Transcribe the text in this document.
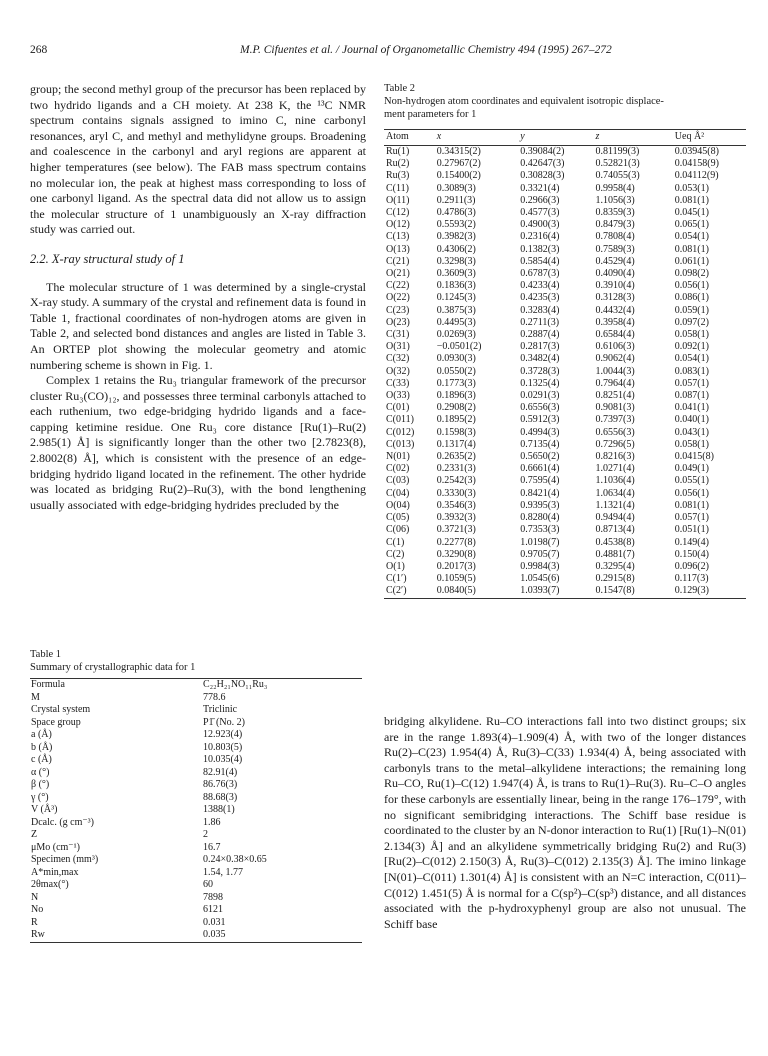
268	M.P. Cifuentes et al. / Journal of Organometallic Chemistry 494 (1995) 267–272

group; the second methyl group of the precursor has been replaced by two hydrido ligands and a CH moiety. At 238 K, the ¹³C NMR spectrum contains signals assigned to imino C, nine carbonyl resonances, aryl C, and methyl and methylidyne groups. Broadening and coalescence in the carbonyl and aryl regions are apparent at higher temperatures (see below). The FAB mass spectrum contains no molecular ion, the peak at highest mass corresponding to loss of one carbonyl ligand. As the spectral data did not allow us to assign the molecular structure of 1 unambiguously an X-ray diffraction study was carried out.

2.2. X-ray structural study of 1

The molecular structure of 1 was determined by a single-crystal X-ray study. A summary of the crystal and refinement data is found in Table 1, fractional coordinates of non-hydrogen atoms are given in Table 2, and selected bond distances and angles are listed in Table 3. An ORTEP plot showing the molecular geometry and atomic numbering scheme is shown in Fig. 1.

Complex 1 retains the Ru₃ triangular framework of the precursor cluster Ru₃(CO)₁₂, and possesses three terminal carbonyls attached to each ruthenium, two edge-bridging hydrido ligands and a face-capping ketimine residue. One Ru₃ core distance [Ru(1)–Ru(2) 2.985(1) Å] is significantly longer than the other two [2.7823(8), 2.8002(8) Å], which is consistent with the presence of an edge-bridging hydrido ligand located in the refinement. The other hydride was located as bridging Ru(2)–Ru(3), with the bond lengthening usually associated with edge-bridging hydrides precluded by the

Table 1
Summary of crystallographic data for 1
Formula	C₂₂H₂₁NO₁₁Ru₃
M	778.6
Crystal system	Triclinic
Space group	P1̄ (No. 2)
a (Å)	12.923(4)
b (Å)	10.803(5)
c (Å)	10.035(4)
α (°)	82.91(4)
β (°)	86.76(3)
γ (°)	88.68(3)
V (Å³)	1388(1)
Dcalc. (g cm⁻³)	1.86
Z	2
μMo (cm⁻¹)	16.7
Specimen (mm³)	0.24×0.38×0.65
A*min,max	1.54, 1.77
2θmax(°)	60
N	7898
No	6121
R	0.031
Rw	0.035
Table 2
Non-hydrogen atom coordinates and equivalent isotropic displace-
ment parameters for 1
Atom	x	y	z	Ueq Å²
Ru(1)	0.34315(2)	0.39084(2)	0.81199(3)	0.03945(8)
Ru(2)	0.27967(2)	0.42647(3)	0.52821(3)	0.04158(9)
Ru(3)	0.15400(2)	0.30828(3)	0.74055(3)	0.04112(9)
C(11)	0.3089(3)	0.3321(4)	0.9958(4)	0.053(1)
O(11)	0.2911(3)	0.2966(3)	1.1056(3)	0.081(1)
C(12)	0.4786(3)	0.4577(3)	0.8359(3)	0.045(1)
O(12)	0.5593(2)	0.4900(3)	0.8479(3)	0.065(1)
C(13)	0.3982(3)	0.2316(4)	0.7808(4)	0.054(1)
O(13)	0.4306(2)	0.1382(3)	0.7589(3)	0.081(1)
C(21)	0.3298(3)	0.5854(4)	0.4529(4)	0.061(1)
O(21)	0.3609(3)	0.6787(3)	0.4090(4)	0.098(2)
C(22)	0.1836(3)	0.4233(4)	0.3910(4)	0.056(1)
O(22)	0.1245(3)	0.4235(3)	0.3128(3)	0.086(1)
C(23)	0.3875(3)	0.3283(4)	0.4432(4)	0.059(1)
O(23)	0.4495(3)	0.2711(3)	0.3958(4)	0.097(2)
C(31)	0.0269(3)	0.2887(4)	0.6584(4)	0.058(1)
O(31)	−0.0501(2)	0.2817(3)	0.6106(3)	0.092(1)
C(32)	0.0930(3)	0.3482(4)	0.9062(4)	0.054(1)
O(32)	0.0550(2)	0.3728(3)	1.0044(3)	0.083(1)
C(33)	0.1773(3)	0.1325(4)	0.7964(4)	0.057(1)
O(33)	0.1896(3)	0.0291(3)	0.8251(4)	0.087(1)
C(01)	0.2908(2)	0.6556(3)	0.9081(3)	0.041(1)
C(011)	0.1895(2)	0.5912(3)	0.7397(3)	0.040(1)
C(012)	0.1598(3)	0.4994(3)	0.6556(3)	0.043(1)
C(013)	0.1317(4)	0.7135(4)	0.7296(5)	0.058(1)
N(01)	0.2635(2)	0.5650(2)	0.8216(3)	0.0415(8)
C(02)	0.2331(3)	0.6661(4)	1.0271(4)	0.049(1)
C(03)	0.2542(3)	0.7595(4)	1.1036(4)	0.055(1)
C(04)	0.3330(3)	0.8421(4)	1.0634(4)	0.056(1)
O(04)	0.3546(3)	0.9395(3)	1.1321(4)	0.081(1)
C(05)	0.3932(3)	0.8280(4)	0.9494(4)	0.057(1)
C(06)	0.3721(3)	0.7353(3)	0.8713(4)	0.051(1)
C(1)	0.2277(8)	1.0198(7)	0.4538(8)	0.149(4)
C(2)	0.3290(8)	0.9705(7)	0.4881(7)	0.150(4)
O(1)	0.2017(3)	0.9984(3)	0.3295(4)	0.096(2)
C(1′)	0.1059(5)	1.0545(6)	0.2915(8)	0.117(3)
C(2′)	0.0840(5)	1.0393(7)	0.1547(8)	0.129(3)

bridging alkylidene. Ru–CO interactions fall into two distinct groups; six are in the range 1.893(4)–1.909(4) Å, with two of the longer distances Ru(2)–C(23) 1.954(4) Å, Ru(3)–C(33) 1.934(4) Å, being associated with carbonyls trans to the metal–alkylidene interactions; the remaining long Ru–CO, Ru(1)–C(12) 1.947(4) Å, is trans to Ru(1)–Ru(3). Ru–C–O angles for these carbonyls are essentially linear, being in the range 176–179°, with no significant semibridging interactions. The Schiff base residue is coordinated to the cluster by an N-donor interaction to Ru(1) [Ru(1)–N(01) 2.134(3) Å] and an alkylidene symmetrically bridging Ru(2) and Ru(3) [Ru(2)–C(012) 2.150(3) Å, Ru(3)–C(012) 2.135(3) Å]. The imino linkage [N(01)–C(011) 1.301(4) Å] is consistent with an N=C interaction, C(011)–C(012) 1.451(5) Å is normal for a C(sp²)–C(sp³) distance, and all distances associated with the p-hydroxyphenyl group are also not unusual. The Schiff base
